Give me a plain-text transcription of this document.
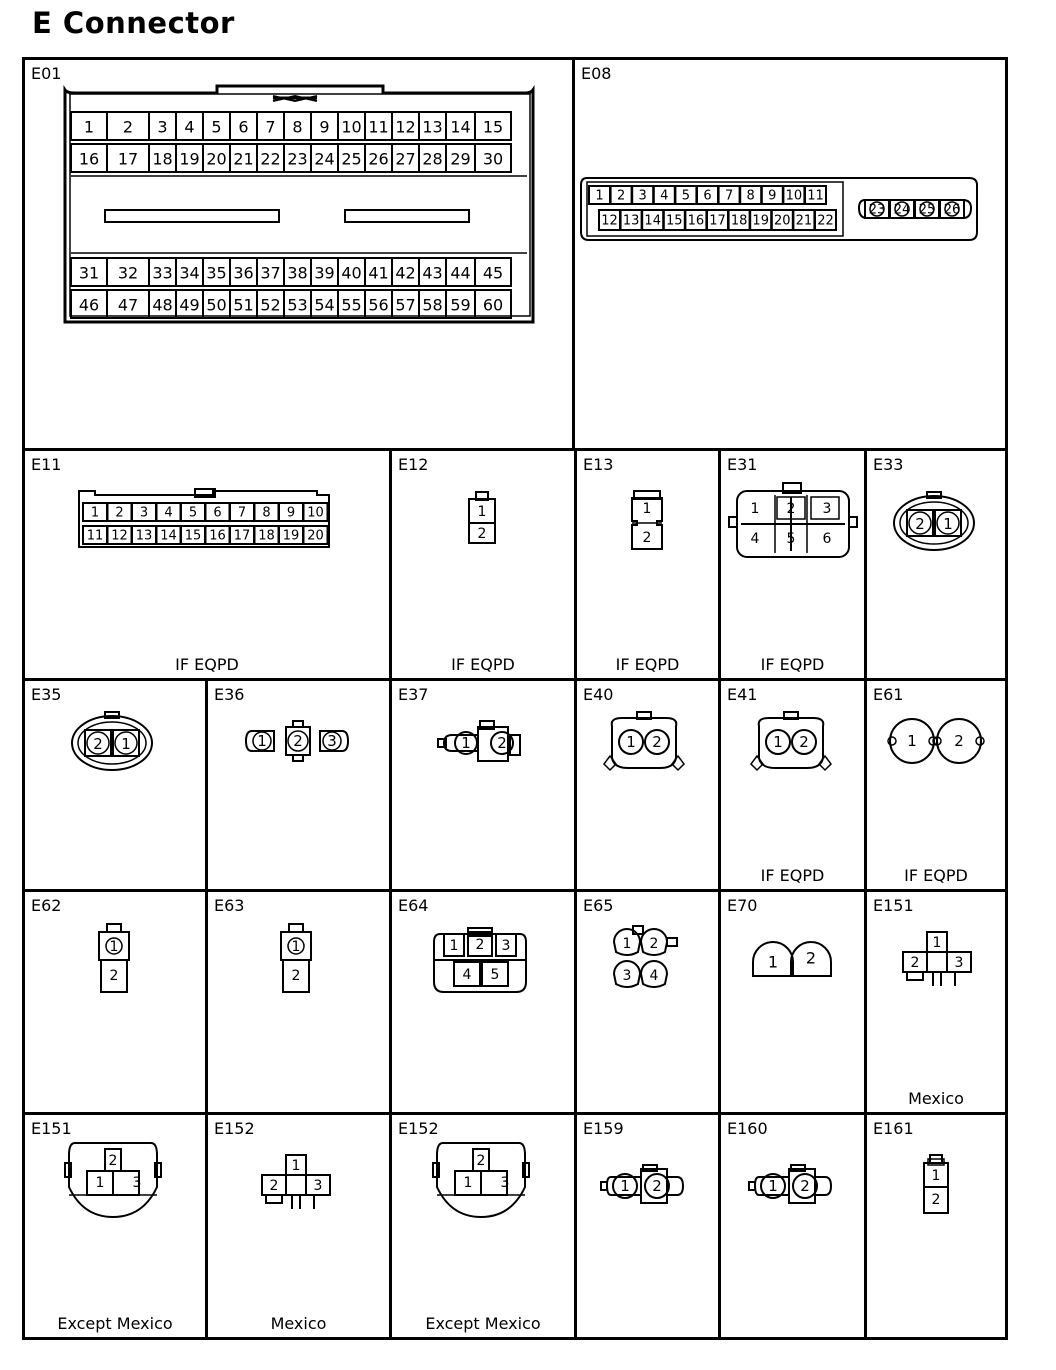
E Connector
E01
1 2 3 4 5 6 7 8 9 10 11 12 13 14 15
16 17 18 19 20 21 22 23 24 25 26 27 28 29 30
31 32 33 34 35 36 37 38 39 40 41 42 43 44 45
46 47 48 49 50 51 52 53 54 55 56 57 58 59 60
E08
1 2 3 4 5 6 7 8 9 10 11
12 13 14 15 16 17 18 19 20 21 22
23 24 25 26
E11
IF EQPD
1 2 3 4 5 6 7 8 9 10
11 12 13 14 15 16 17 18 19 20
E12
IF EQPD
1
2
E13
IF EQPD
1
2
E31
IF EQPD
1 2 3
4 5 6
E33
2 1
E35
2 1
E36
1 2 3
E37
1 2
E40
1 2
E41
IF EQPD
1 2
E61
IF EQPD
1 2
E62
1
2
E63
1
2
E64
1 2 3
4 5
E65
1 2
3 4
E70
1 2
E151
Mexico
1
2	3
E151
Except Mexico
2
1 3
E152
Mexico
1
2	3
E152
Except Mexico
2
1 3
E159
1 2
E160
1 2
E161
1
2
